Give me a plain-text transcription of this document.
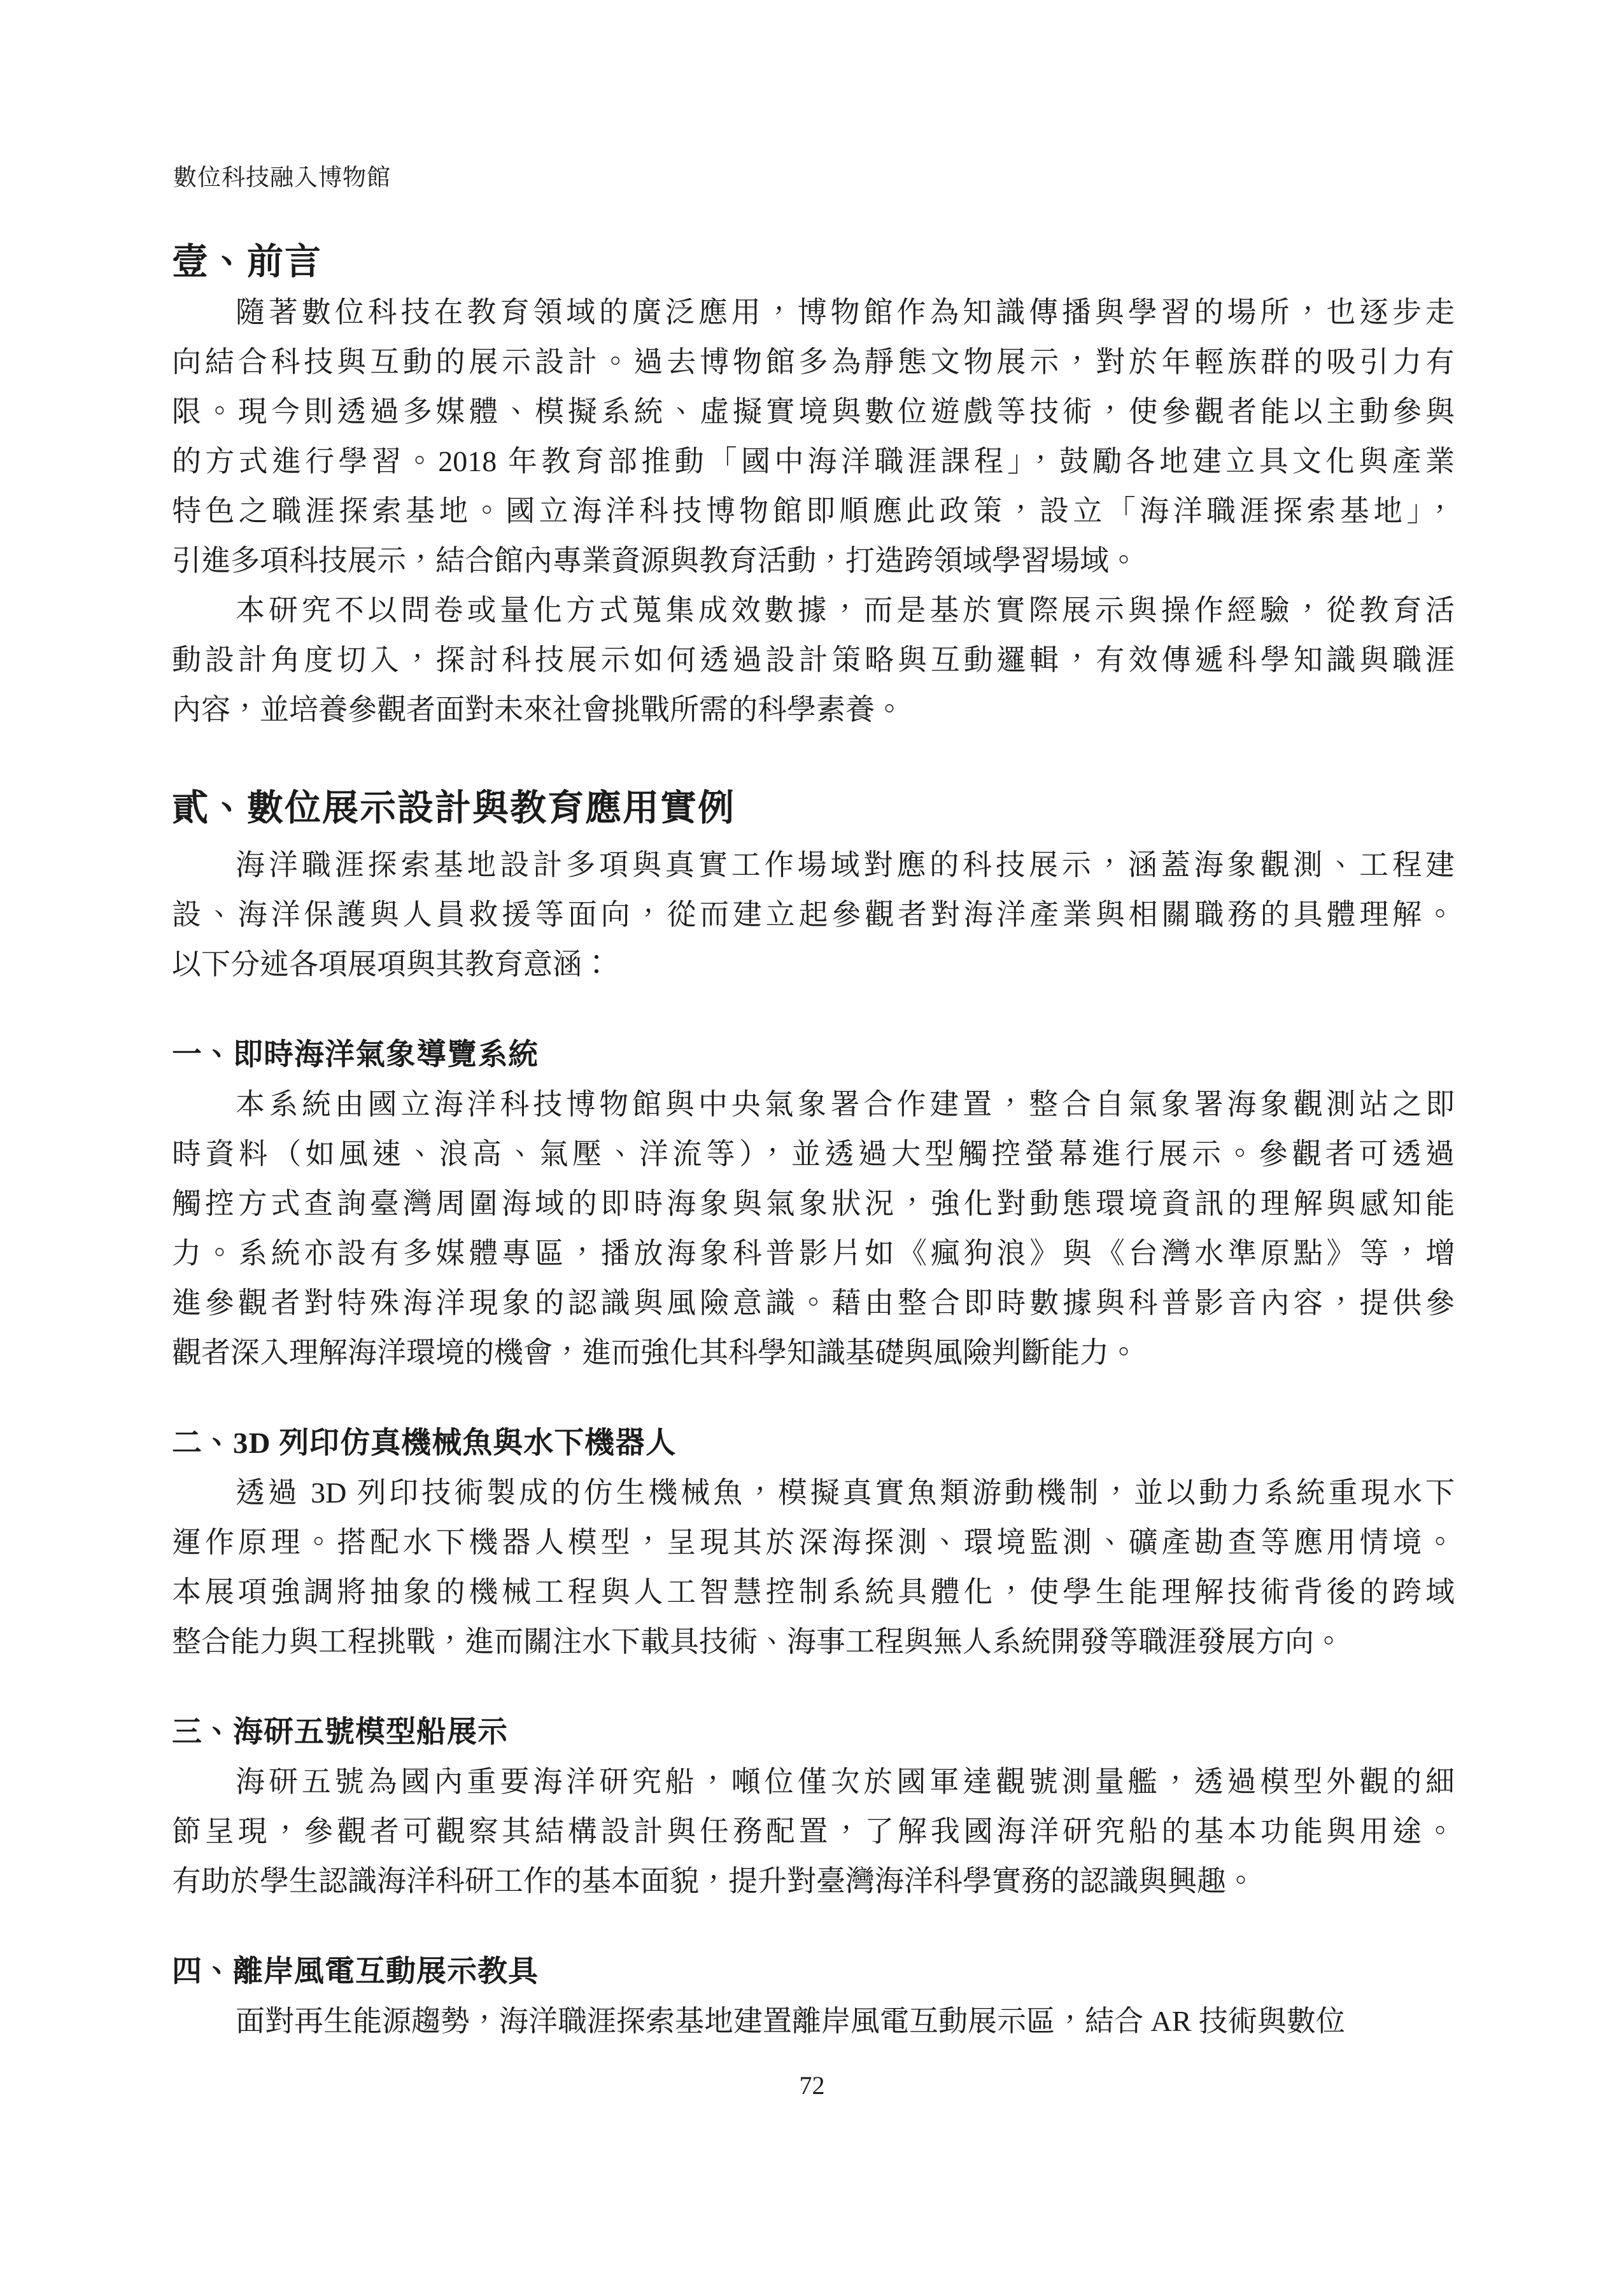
數位科技融入博物館
壹、前言
隨著數位科技在教育領域的廣泛應用，博物館作為知識傳播與學習的場所，也逐步走
向結合科技與互動的展示設計。過去博物館多為靜態文物展示，對於年輕族群的吸引力有
限。現今則透過多媒體、模擬系統、虛擬實境與數位遊戲等技術，使參觀者能以主動參與
的方式進行學習。2018 年教育部推動「國中海洋職涯課程」，鼓勵各地建立具文化與產業
特色之職涯探索基地。國立海洋科技博物館即順應此政策，設立「海洋職涯探索基地」，
引進多項科技展示，結合館內專業資源與教育活動，打造跨領域學習場域。
本研究不以問卷或量化方式蒐集成效數據，而是基於實際展示與操作經驗，從教育活
動設計角度切入，探討科技展示如何透過設計策略與互動邏輯，有效傳遞科學知識與職涯
內容，並培養參觀者面對未來社會挑戰所需的科學素養。
貳、數位展示設計與教育應用實例
海洋職涯探索基地設計多項與真實工作場域對應的科技展示，涵蓋海象觀測、工程建
設、海洋保護與人員救援等面向，從而建立起參觀者對海洋產業與相關職務的具體理解。
以下分述各項展項與其教育意涵：
一、即時海洋氣象導覽系統
本系統由國立海洋科技博物館與中央氣象署合作建置，整合自氣象署海象觀測站之即
時資料（如風速、浪高、氣壓、洋流等），並透過大型觸控螢幕進行展示。參觀者可透過
觸控方式查詢臺灣周圍海域的即時海象與氣象狀況，強化對動態環境資訊的理解與感知能
力。系統亦設有多媒體專區，播放海象科普影片如《瘋狗浪》與《台灣水準原點》等，增
進參觀者對特殊海洋現象的認識與風險意識。藉由整合即時數據與科普影音內容，提供參
觀者深入理解海洋環境的機會，進而強化其科學知識基礎與風險判斷能力。
二、3D 列印仿真機械魚與水下機器人
透過 3D 列印技術製成的仿生機械魚，模擬真實魚類游動機制，並以動力系統重現水下
運作原理。搭配水下機器人模型，呈現其於深海探測、環境監測、礦產勘查等應用情境。
本展項強調將抽象的機械工程與人工智慧控制系統具體化，使學生能理解技術背後的跨域
整合能力與工程挑戰，進而關注水下載具技術、海事工程與無人系統開發等職涯發展方向。
三、海研五號模型船展示
海研五號為國內重要海洋研究船，噸位僅次於國軍達觀號測量艦，透過模型外觀的細
節呈現，參觀者可觀察其結構設計與任務配置，了解我國海洋研究船的基本功能與用途。
有助於學生認識海洋科研工作的基本面貌，提升對臺灣海洋科學實務的認識與興趣。
四、離岸風電互動展示教具
面對再生能源趨勢，海洋職涯探索基地建置離岸風電互動展示區，結合 AR 技術與數位
72
